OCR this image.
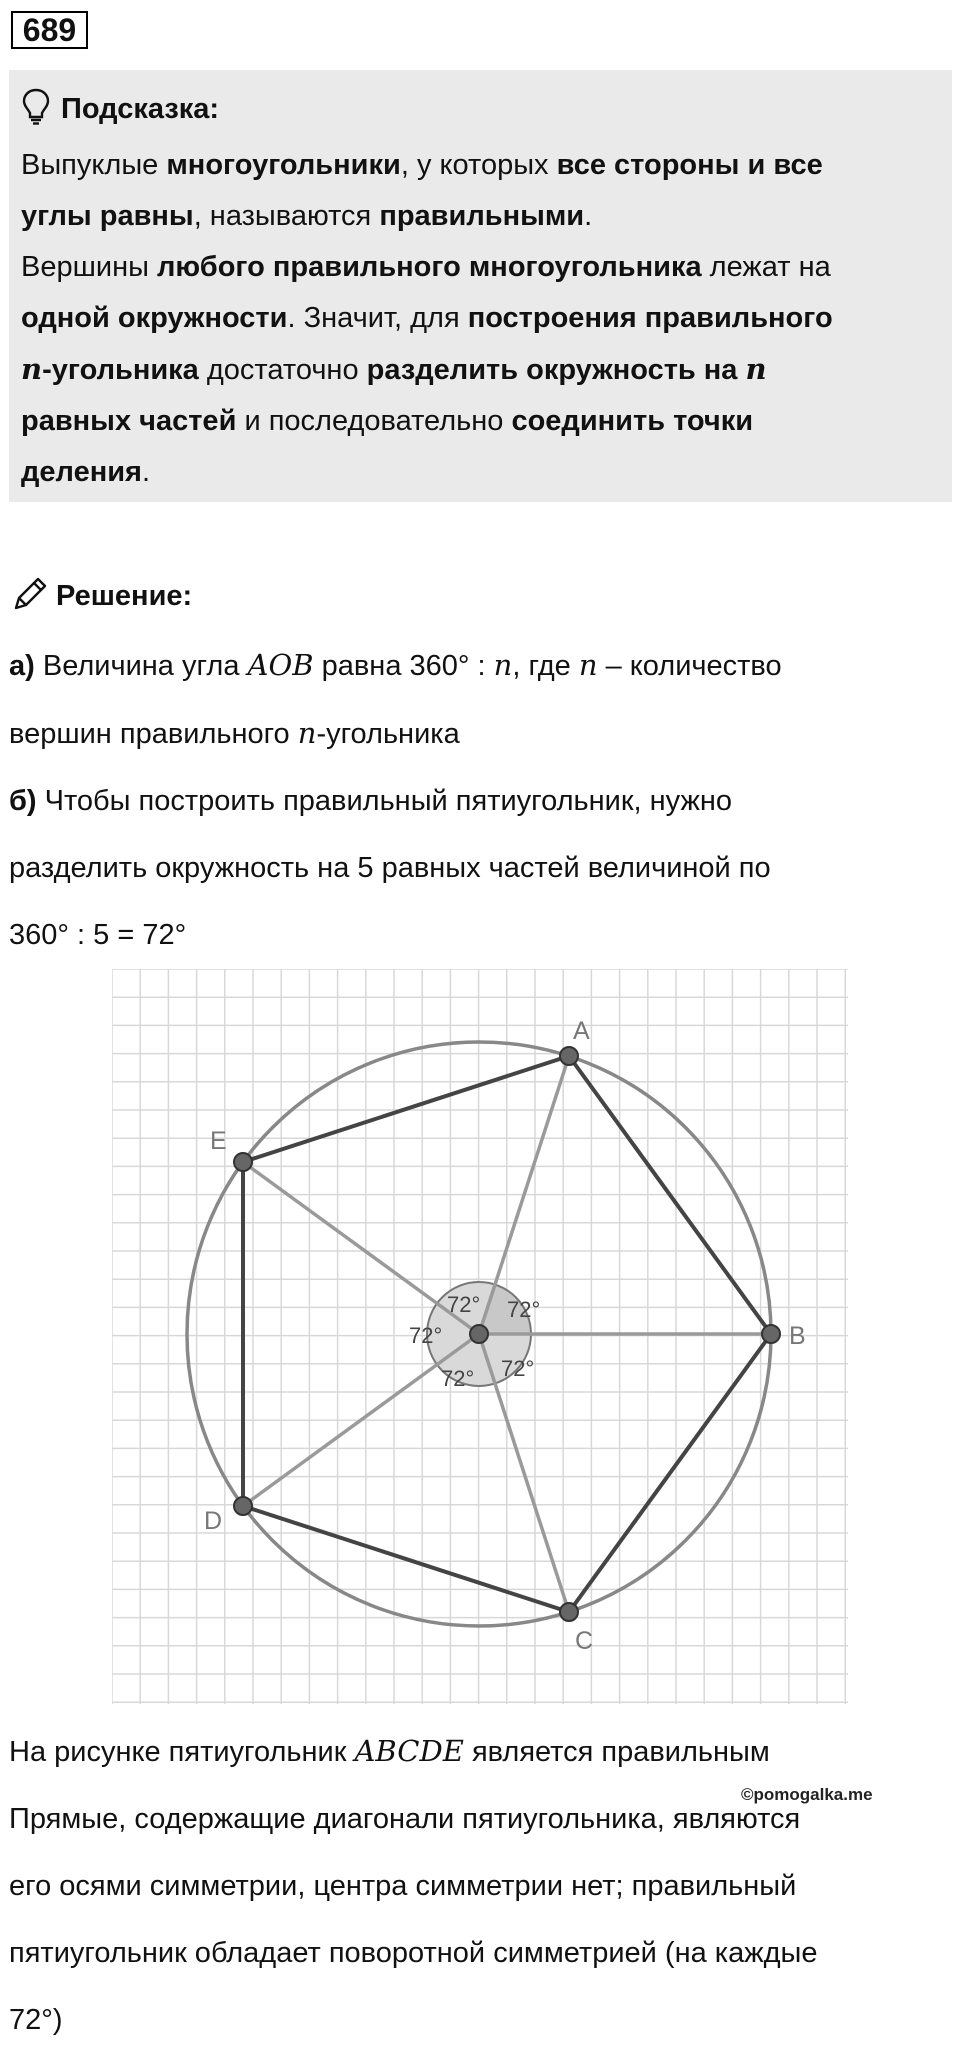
689
Подсказка:
Выпуклые многоугольники, у которых все стороны и все
углы равны, называются правильными.
Вершины любого правильного многоугольника лежат на
одной окружности. Значит, для построения правильного
n-угольника достаточно разделить окружность на n
равных частей и последовательно соединить точки
деления.
Решение:
а) Величина угла AOB равна 360° : n, где n – количество
вершин правильного n-угольника
б) Чтобы построить правильный пятиугольник, нужно
разделить окружность на 5 равных частей величиной по
360° : 5 = 72°
72° 72°
72°
72°
72°
A
B
C
D
E
На рисунке пятиугольник ABCDE является правильным
Прямые, содержащие диагонали пятиугольника, являются
его осями симметрии, центра симметрии нет; правильный
пятиугольник обладает поворотной симметрией (на каждые
72°)
©pomogalka.me
